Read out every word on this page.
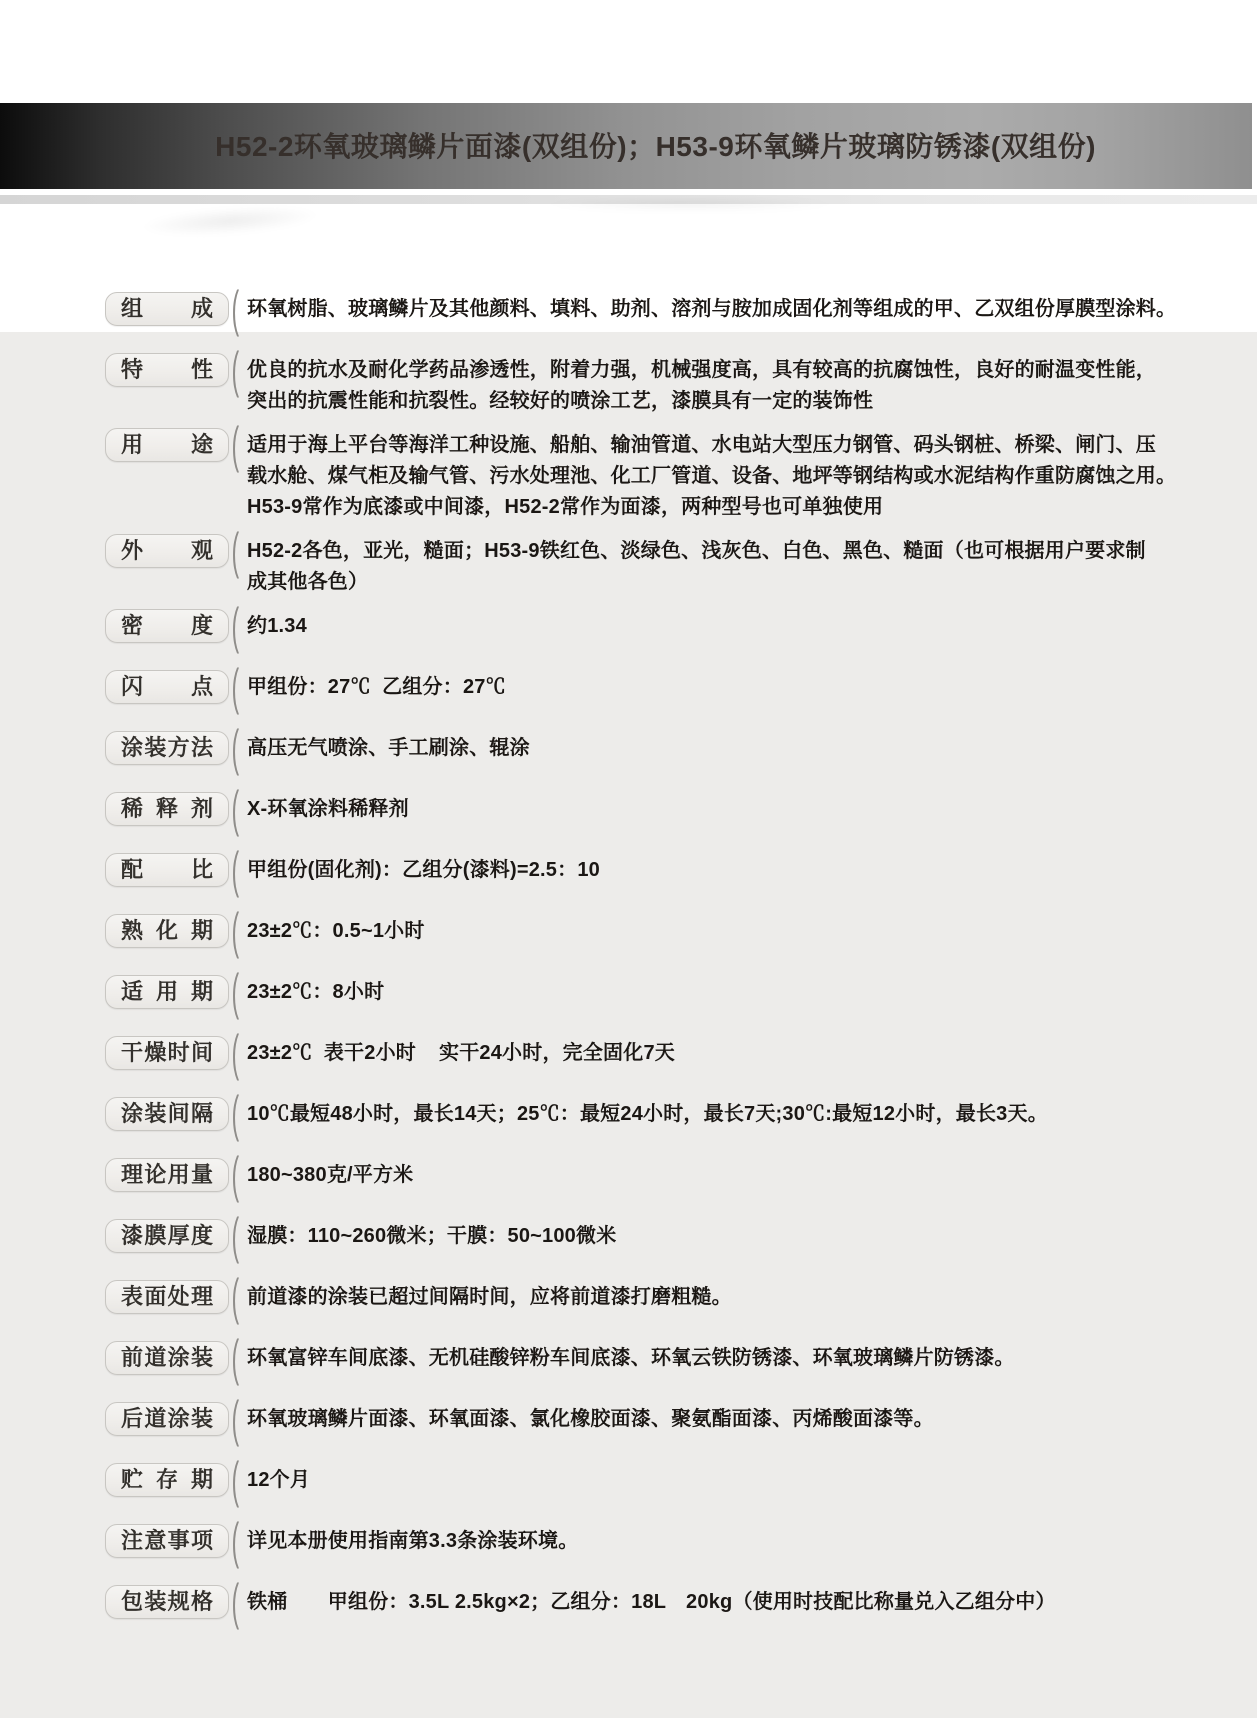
H52-2环氧玻璃鳞片面漆(双组份)；H53-9环氧鳞片玻璃防锈漆(双组份)
组成 ( 环氧树脂、玻璃鳞片及其他颜料、填料、助剂、溶剂与胺加成固化剂等组成的甲、乙双组份厚膜型涂料。
特性 ( 优良的抗水及耐化学药品渗透性，附着力强，机械强度高，具有较高的抗腐蚀性，良好的耐温变性能，
突出的抗震性能和抗裂性。经较好的喷涂工艺，漆膜具有一定的装饰性
用途 ( 适用于海上平台等海洋工种设施、船舶、输油管道、水电站大型压力钢管、码头钢桩、桥梁、闸门、压
载水舱、煤气柜及输气管、污水处理池、化工厂管道、设备、地坪等钢结构或水泥结构作重防腐蚀之用。
H53-9常作为底漆或中间漆，H52-2常作为面漆，两种型号也可单独使用
外观 ( H52-2各色，亚光，糙面；H53-9铁红色、淡绿色、浅灰色、白色、黑色、糙面（也可根据用户要求制
成其他各色）
密度 ( 约1.34
闪点 ( 甲组份：27℃  乙组分：27℃
涂装方法 ( 高压无气喷涂、手工刷涂、辊涂
稀释剂 ( X-环氧涂料稀释剂
配比 ( 甲组份(固化剂)：乙组分(漆料)=2.5：10
熟化期 ( 23±2℃：0.5~1小时
适用期 ( 23±2℃：8小时
干燥时间 ( 23±2℃  表干2小时    实干24小时，完全固化7天
涂装间隔 ( 10℃最短48小时，最长14天；25℃：最短24小时，最长7天;30℃:最短12小时，最长3天。
理论用量 ( 180~380克/平方米
漆膜厚度 ( 湿膜：110~260微米；干膜：50~100微米
表面处理 ( 前道漆的涂装已超过间隔时间，应将前道漆打磨粗糙。
前道涂装 ( 环氧富锌车间底漆、无机硅酸锌粉车间底漆、环氧云铁防锈漆、环氧玻璃鳞片防锈漆。
后道涂装 ( 环氧玻璃鳞片面漆、环氧面漆、氯化橡胶面漆、聚氨酯面漆、丙烯酸面漆等。
贮存期 ( 12个月
注意事项 ( 详见本册使用指南第3.3条涂装环境。
包装规格 ( 铁桶　　甲组份：3.5L 2.5kg×2；乙组分：18L　20kg（使用时技配比称量兑入乙组分中）
